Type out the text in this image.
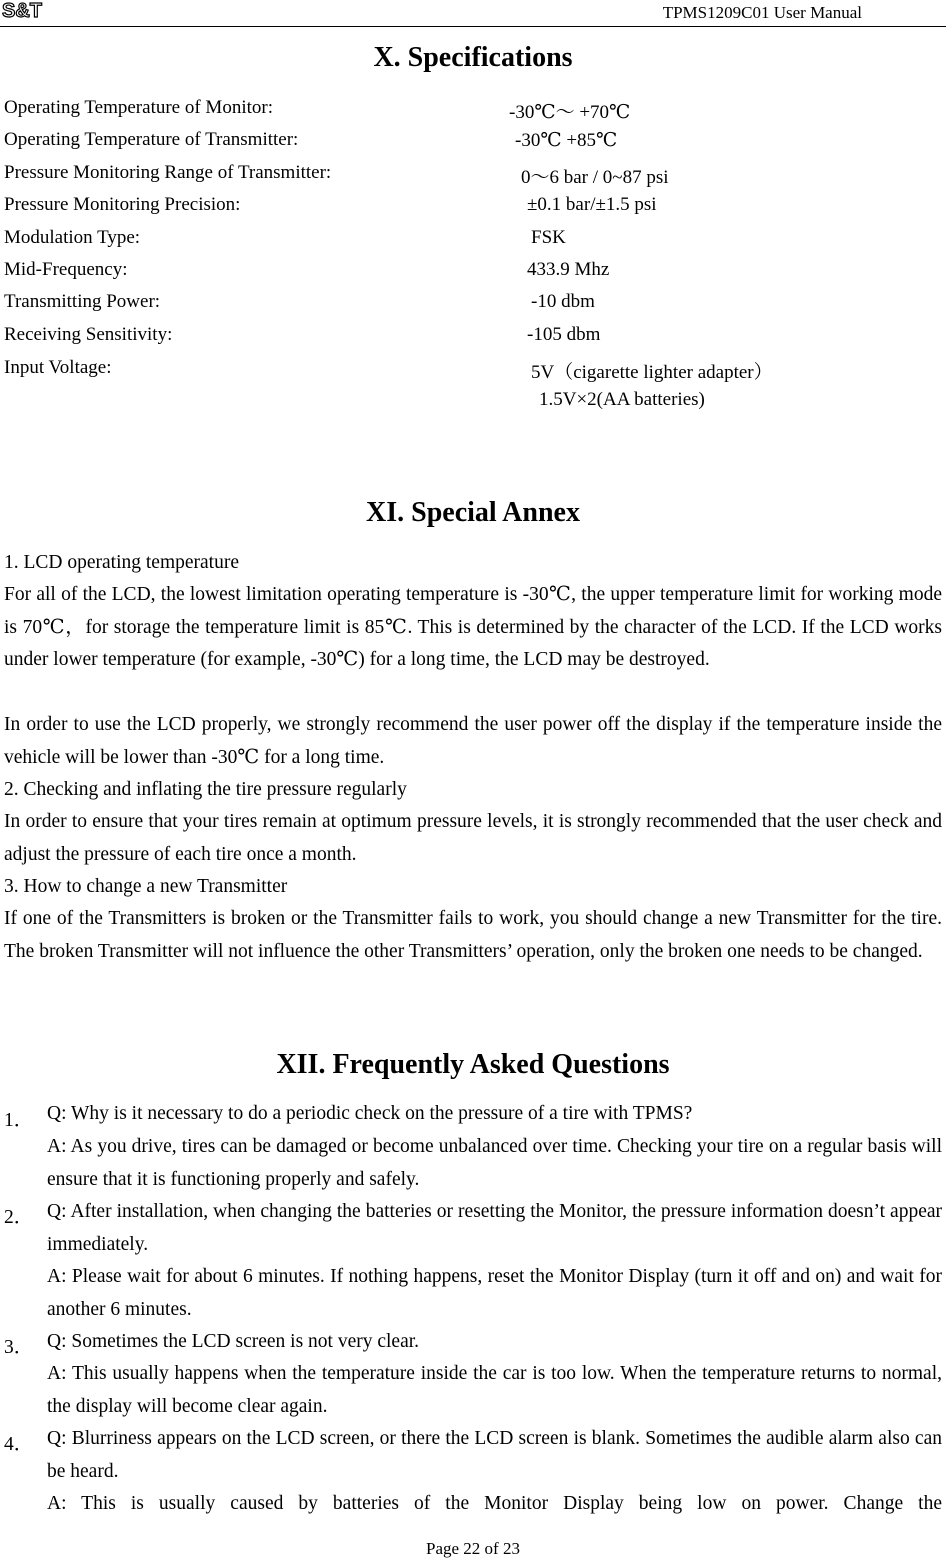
S&T	TPMS1209C01 User Manual
X. Specifications
Operating Temperature of Monitor:	-30℃～ +70℃
Operating Temperature of Transmitter:	-30℃ +85℃
Pressure Monitoring Range of Transmitter:	0～6 bar / 0~87 psi
Pressure Monitoring Precision:	±0.1 bar/±1.5 psi
Modulation Type:	FSK
Mid-Frequency:	433.9 Mhz
Transmitting Power:	-10 dbm
Receiving Sensitivity:	-105 dbm
Input Voltage:	5V（cigarette lighter adapter）
1.5V×2(AA batteries)
XI. Special Annex
1. LCD operating temperature

For all of the LCD, the lowest limitation operating temperature is -30℃, the upper temperature limit for working mode is 70℃，for storage the temperature limit is 85℃. This is determined by the character of the LCD. If the LCD works under lower temperature (for example, -30℃) for a long time, the LCD may be destroyed.

In order to use the LCD properly, we strongly recommend the user power off the display if the temperature inside the vehicle will be lower than -30℃ for a long time.

2. Checking and inflating the tire pressure regularly

In order to ensure that your tires remain at optimum pressure levels, it is strongly recommended that the user check and adjust the pressure of each tire once a month.

3. How to change a new Transmitter

If one of the Transmitters is broken or the Transmitter fails to work, you should change a new Transmitter for the tire. The broken Transmitter will not influence the other Transmitters’ operation, only the broken one needs to be changed.

XII. Frequently Asked Questions
1． Q: Why is it necessary to do a periodic check on the pressure of a tire with TPMS?

A: As you drive, tires can be damaged or become unbalanced over time. Checking your tire on a regular basis will ensure that it is functioning properly and safely.

2． Q: After installation, when changing the batteries or resetting the Monitor, the pressure information doesn’t appear immediately.

A: Please wait for about 6 minutes. If nothing happens, reset the Monitor Display (turn it off and on) and wait for another 6 minutes.

3． Q: Sometimes the LCD screen is not very clear.

A: This usually happens when the temperature inside the car is too low. When the temperature returns to normal, the display will become clear again.

4． Q: Blurriness appears on the LCD screen, or there the LCD screen is blank. Sometimes the audible alarm also can be heard.

A: This is usually caused by batteries of the Monitor Display being low on power. Change the

Page 22 of 23
